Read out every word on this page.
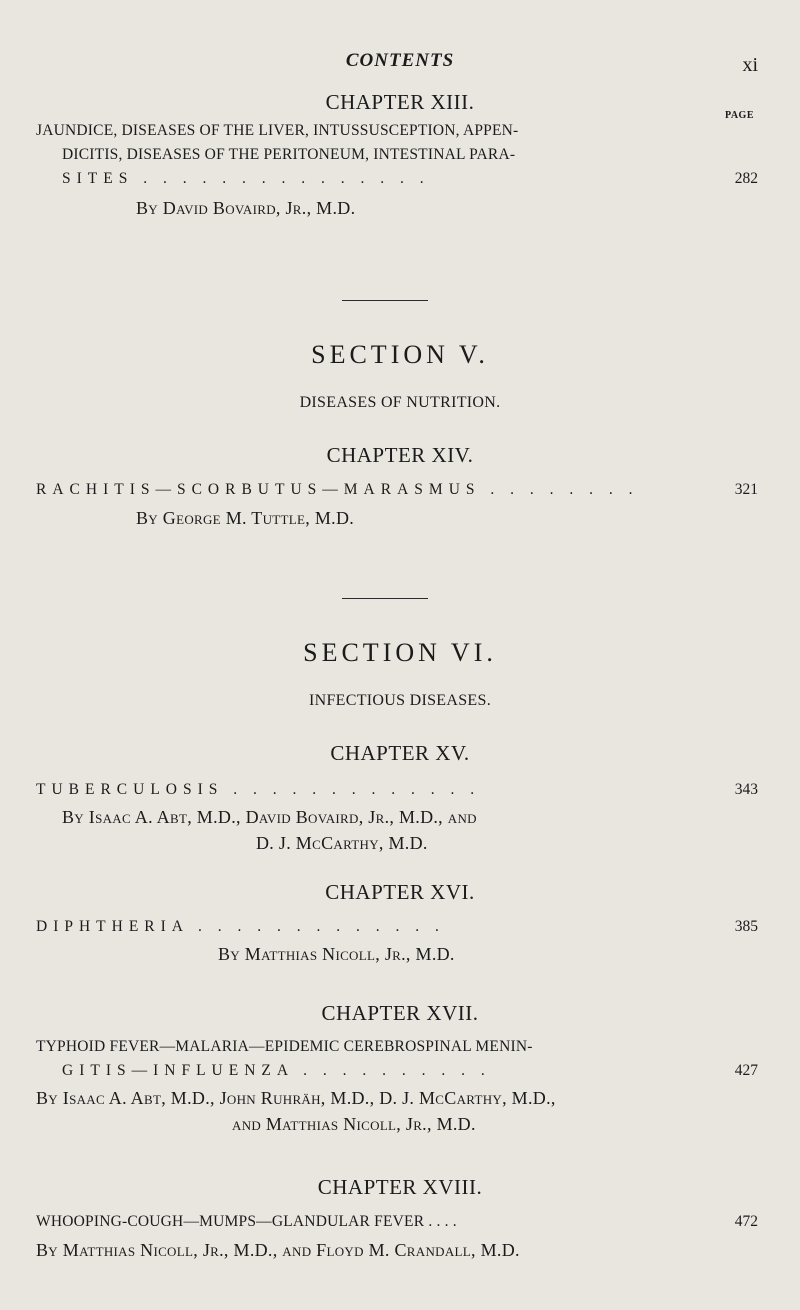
CONTENTS	xi
CHAPTER XIII.
PAGE
JAUNDICE, DISEASES OF THE LIVER, INTUSSUSCEPTION, APPEN-
DICITIS, DISEASES OF THE PERITONEUM, INTESTINAL PARA-
SITES . . . . . . . . . . . . . . .	282
By David Bovaird, Jr., M.D.
SECTION V.
DISEASES OF NUTRITION.
CHAPTER XIV.
RACHITIS—SCORBUTUS—MARASMUS . . . . . . . .	321
By George M. Tuttle, M.D.
SECTION VI.
INFECTIOUS DISEASES.
CHAPTER XV.
TUBERCULOSIS . . . . . . . . . . . . .	343
By Isaac A. Abt, M.D., David Bovaird, Jr., M.D., and
D. J. McCarthy, M.D.
CHAPTER XVI.
DIPHTHERIA . . . . . . . . . . . . .	385
By Matthias Nicoll, Jr., M.D.
CHAPTER XVII.
TYPHOID FEVER—MALARIA—EPIDEMIC CEREBROSPINAL MENIN-
GITIS—INFLUENZA . . . . . . . . . .	427
By Isaac A. Abt, M.D., John Ruhräh, M.D., D. J. McCarthy, M.D.,
and Matthias Nicoll, Jr., M.D.
CHAPTER XVIII.
WHOOPING-COUGH—MUMPS—GLANDULAR FEVER . . . .	472
By Matthias Nicoll, Jr., M.D., and Floyd M. Crandall, M.D.
